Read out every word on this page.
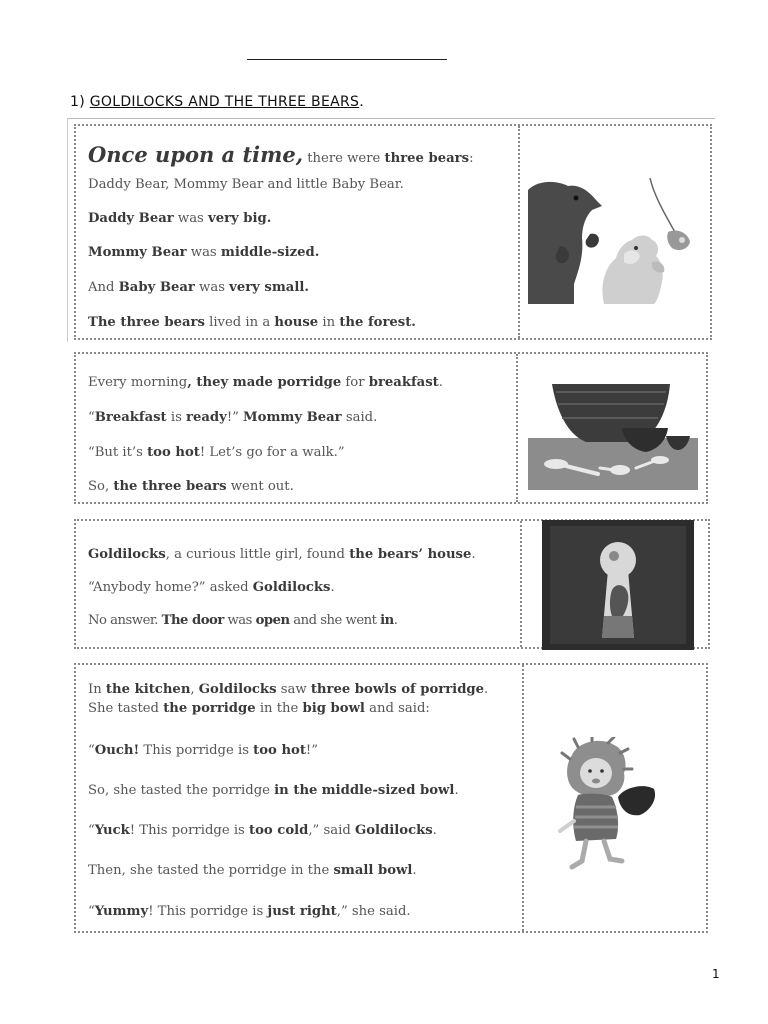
1) GOLDILOCKS AND THE THREE BEARS.
Once upon a time, there were three bears:
Daddy Bear, Mommy Bear and little Baby Bear.
Daddy Bear was very big.
Mommy Bear was middle-sized.
And Baby Bear was very small.
The three bears lived in a house in the forest.
Every morning, they made porridge for breakfast.
“Breakfast is ready!” Mommy Bear said.
“But it’s too hot! Let’s go for a walk.”
So, the three bears went out.
Goldilocks, a curious little girl, found the bears’ house.
“Anybody home?” asked Goldilocks.
No answer. The door was open and she went in.
In the kitchen, Goldilocks saw three bowls of porridge.
She tasted the porridge in the big bowl and said:
“Ouch! This porridge is too hot!”
So, she tasted the porridge in the middle-sized bowl.
“Yuck! This porridge is too cold,” said Goldilocks.
Then, she tasted the porridge in the small bowl.
“Yummy! This porridge is just right,” she said.
1
